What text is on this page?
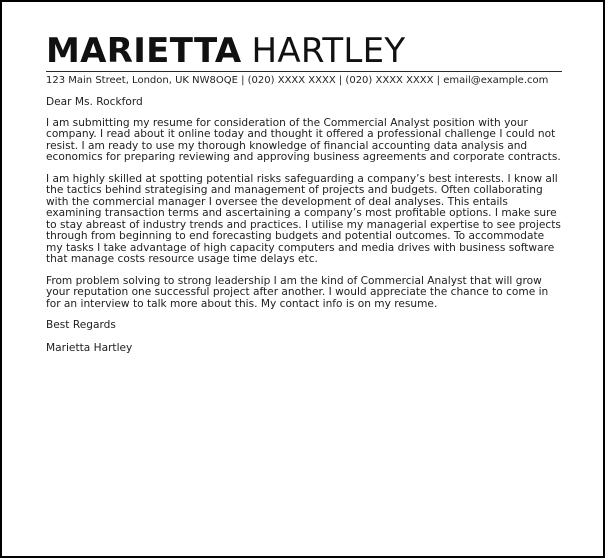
MARIETTA HARTLEY
123 Main Street, London, UK NW8OQE | (020) XXXX XXXX | (020) XXXX XXXX | email@example.com

Dear Ms. Rockford

I am submitting my resume for consideration of the Commercial Analyst position with your company. I read about it online today and thought it offered a professional challenge I could not resist. I am ready to use my thorough knowledge of financial accounting data analysis and economics for preparing reviewing and approving business agreements and corporate contracts.

I am highly skilled at spotting potential risks safeguarding a company’s best interests. I know all the tactics behind strategising and management of projects and budgets. Often collaborating with the commercial manager I oversee the development of deal analyses. This entails examining transaction terms and ascertaining a company’s most profitable options. I make sure to stay abreast of industry trends and practices. I utilise my managerial expertise to see projects through from beginning to end forecasting budgets and potential outcomes. To accommodate my tasks I take advantage of high capacity computers and media drives with business software that manage costs resource usage time delays etc.

From problem solving to strong leadership I am the kind of Commercial Analyst that will grow your reputation one successful project after another. I would appreciate the chance to come in for an interview to talk more about this. My contact info is on my resume.

Best Regards

Marietta Hartley
